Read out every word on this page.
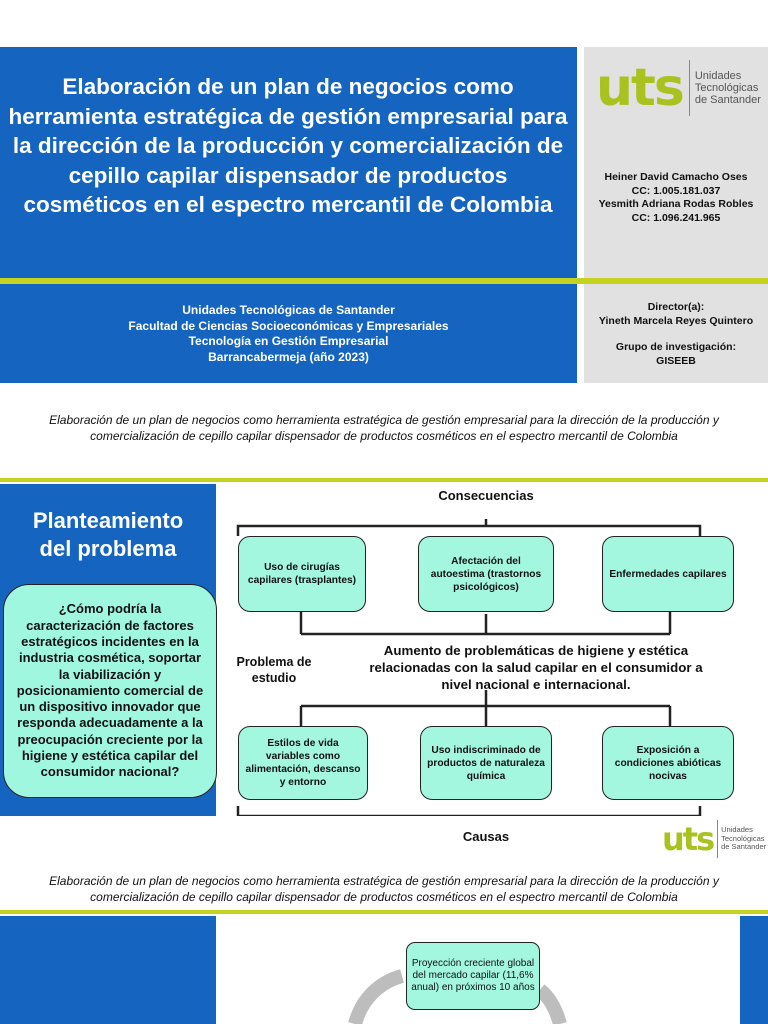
Elaboración de un plan de negocios como herramienta estratégica de gestión empresarial para la dirección de la producción y comercialización de cepillo capilar dispensador de productos cosméticos en el espectro mercantil de Colombia
uts Unidades
Tecnológicas
de Santander
Heiner David Camacho Oses
CC: 1.005.181.037
Yesmith Adriana Rodas Robles
CC: 1.096.241.965
Unidades Tecnológicas de Santander
Facultad de Ciencias Socioeconómicas y Empresariales
Tecnología en Gestión Empresarial
Barrancabermeja (año 2023)
Director(a):
Yineth Marcela Reyes Quintero
Grupo de investigación:
GISEEB
Elaboración de un plan de negocios como herramienta estratégica de gestión empresarial para la dirección de la producción y
comercialización de cepillo capilar dispensador de productos cosméticos en el espectro mercantil de Colombia
Planteamiento
del problema
¿Cómo podría la caracterización de factores estratégicos incidentes en la industria cosmética, soportar la viabilización y posicionamiento comercial de un dispositivo innovador que responda adecuadamente a la preocupación creciente por la higiene y estética capilar del consumidor nacional?
Consecuencias
Uso de cirugías capilares (trasplantes)
Afectación del autoestima (trastornos psicológicos)
Enfermedades capilares
Problema de
estudio
Aumento de problemáticas de higiene y estética
relacionadas con la salud capilar en el consumidor a
nivel nacional e internacional.
Estilos de vida variables como alimentación, descanso y entorno
Uso indiscriminado de productos de naturaleza química
Exposición a condiciones abióticas nocivas
Causas	uts Unidades
Tecnológicas
de Santander
Elaboración de un plan de negocios como herramienta estratégica de gestión empresarial para la dirección de la producción y
comercialización de cepillo capilar dispensador de productos cosméticos en el espectro mercantil de Colombia
Proyección creciente global del mercado capilar (11,6% anual) en próximos 10 años
